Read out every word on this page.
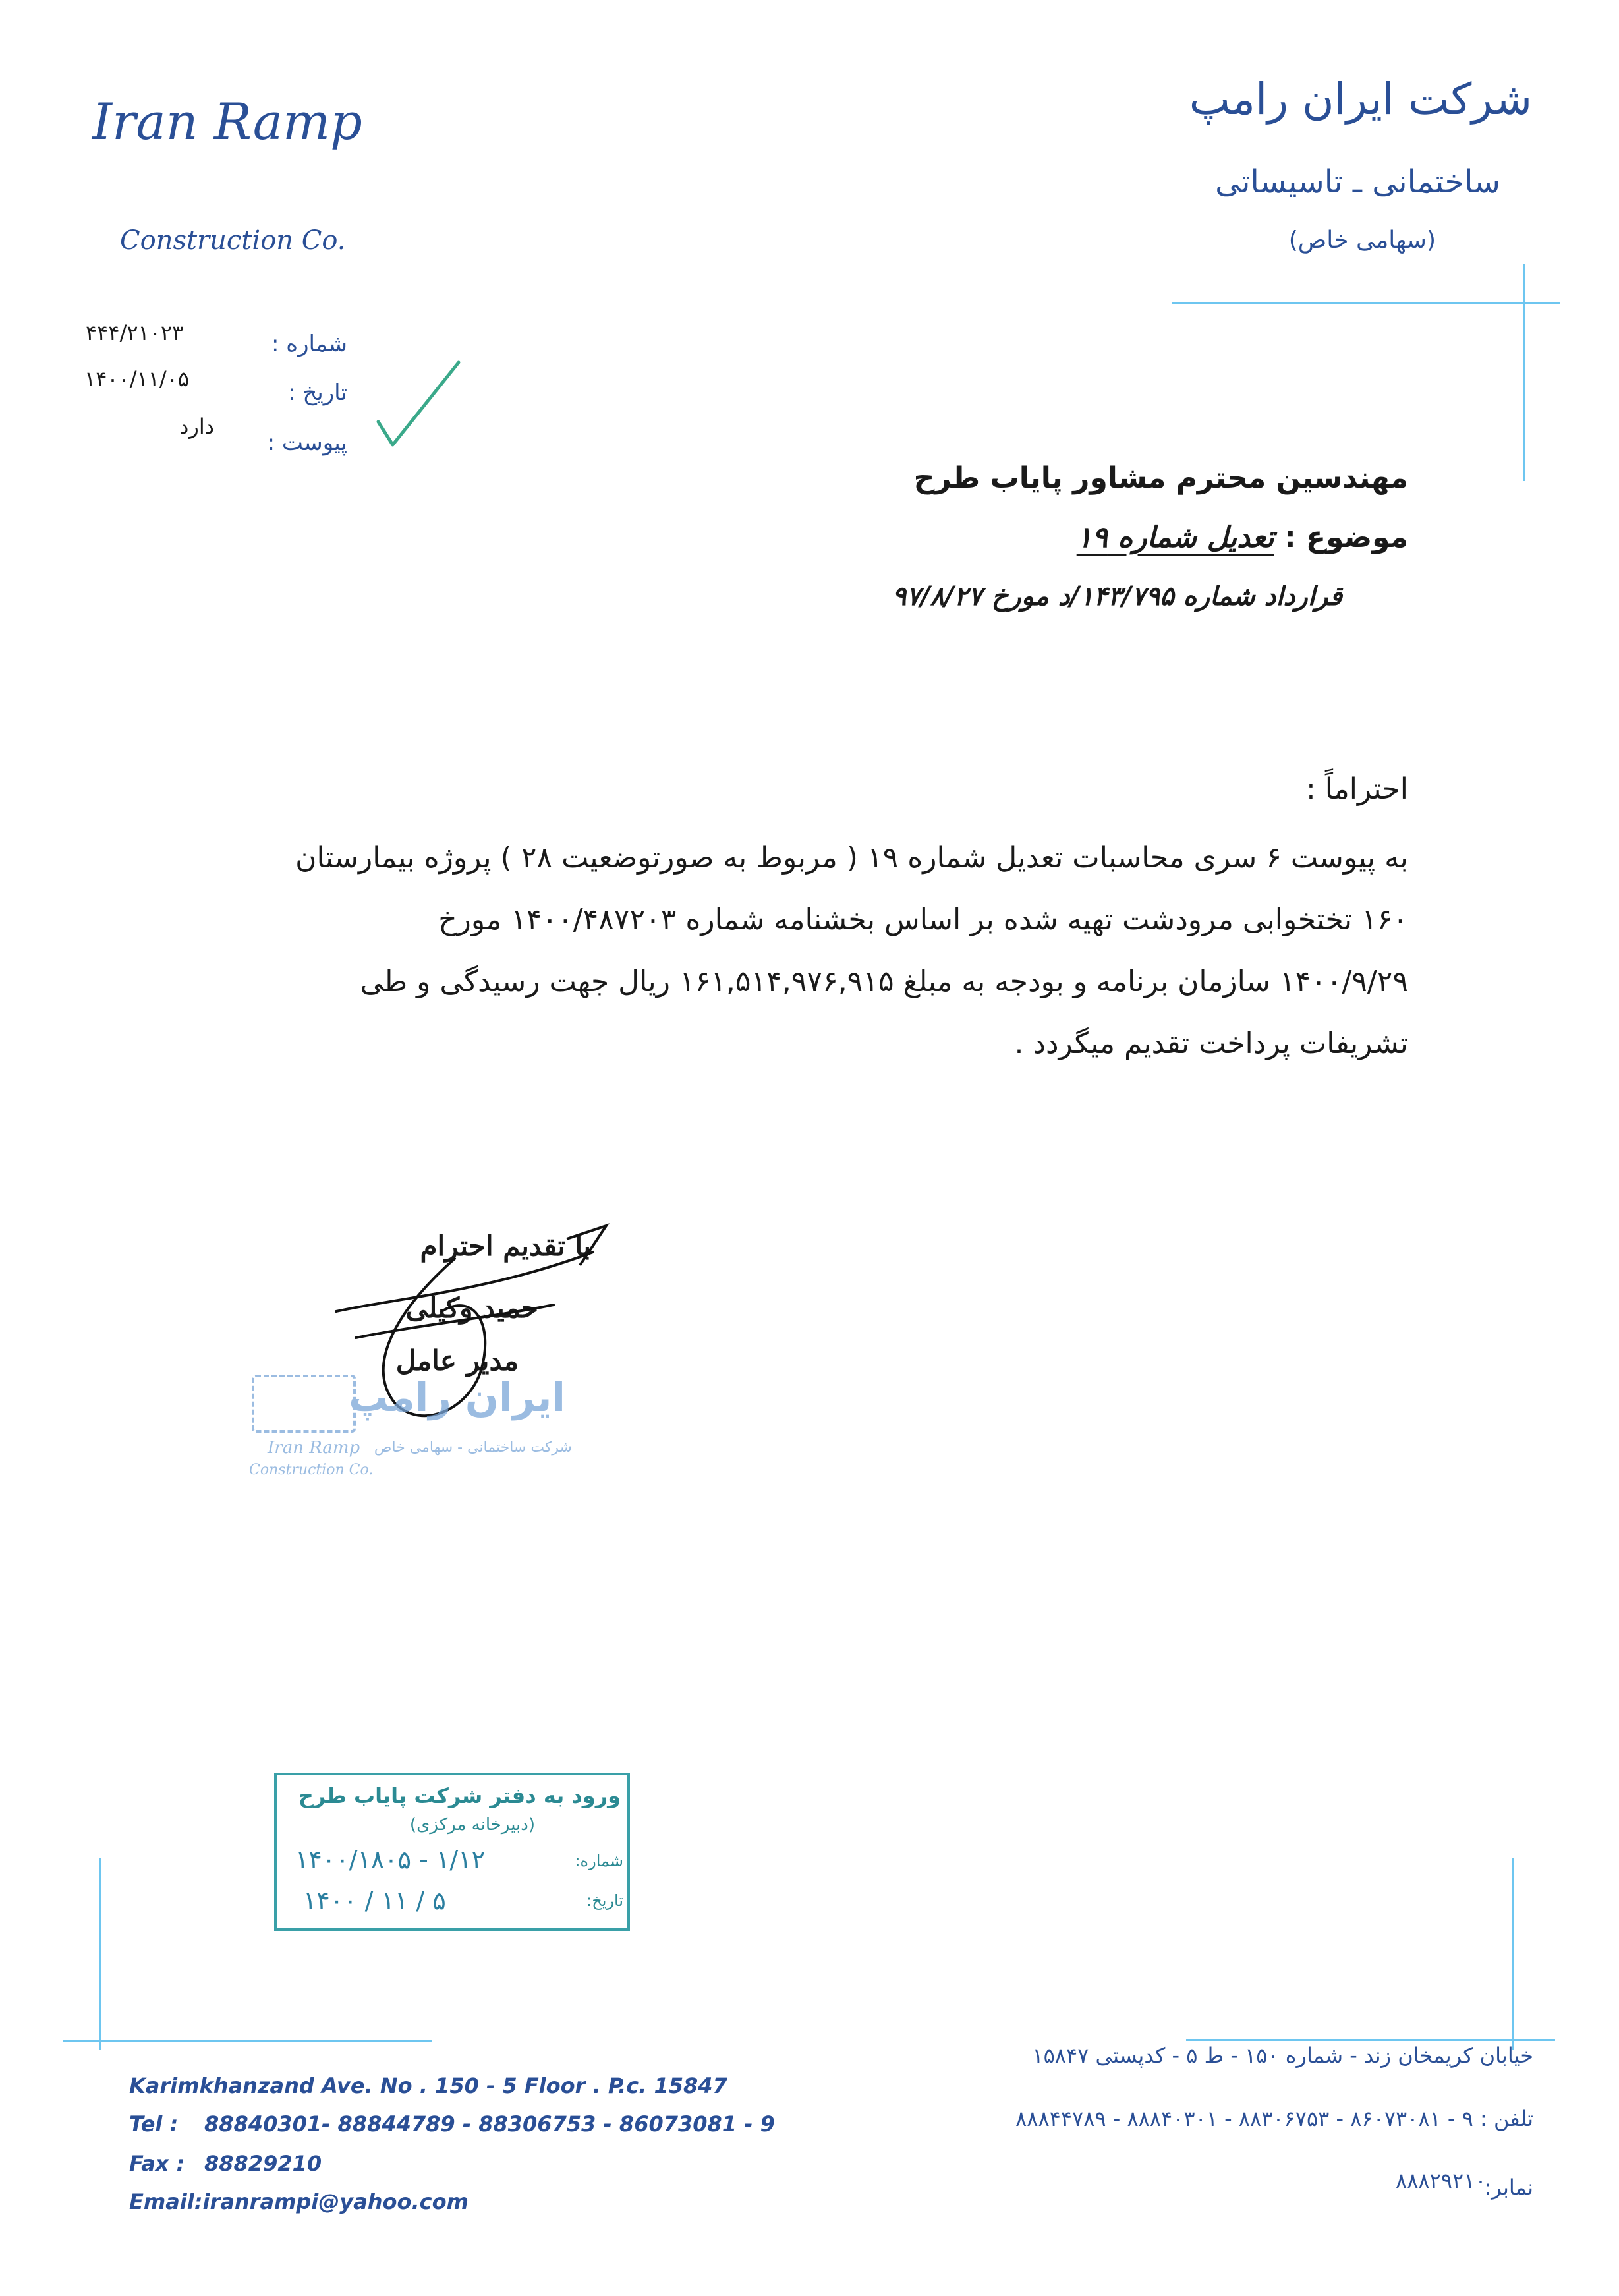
Iran Ramp
Construction Co.
شرکت ایران رامپ
ساختمانی ـ تاسیساتی
(سهامی خاص)
شماره :
۴۴۴/۲۱۰۲۳
تاریخ :
۱۴۰۰/۱۱/۰۵
پیوست :
دارد
مهندسین محترم مشاور پایاب طرح
موضوع : تعدیل شماره ۱۹
قرارداد شماره ۱۴۳/۷۹۵/د مورخ ۹۷/۸/۲۷
احتراماً :
به پیوست ۶ سری محاسبات تعدیل شماره ۱۹ ( مربوط به صورتوضعیت ۲۸ ) پروژه بیمارستان
۱۶۰ تختخوابی مرودشت تهیه شده بر اساس بخشنامه شماره ۱۴۰۰/۴۸۷۲۰۳ مورخ
۱۴۰۰/۹/۲۹ سازمان برنامه و بودجه به مبلغ ۱۶۱,۵۱۴,۹۷۶,۹۱۵ ریال جهت رسیدگی و طی
تشریفات پرداخت تقدیم میگردد .
با تقدیم احترام
حمید وکیلی
مدیر عامل
ایران رامپ
شرکت ساختمانی - سهامی خاص
Iran Ramp
Construction Co.
ورود به دفتر شرکت پایاب طرح
(دبیرخانه مرکزی)
شماره:
۱۴۰۰/۱۸۰۵ - ۱/۱۲
تاریخ:
۱۴۰۰ / ۱۱ / ۵
Karimkhanzand Ave. No . 150 - 5 Floor . P.c. 15847
Tel : 88840301- 88844789 - 88306753 - 86073081 - 9
Fax : 88829210
Email:iranrampi@yahoo.com
خیابان کریمخان زند - شماره ۱۵۰ - ط ۵ - کدپستی ۱۵۸۴۷
تلفن : ۹ - ۸۶۰۷۳۰۸۱ - ۸۸۳۰۶۷۵۳ - ۸۸۸۴۰۳۰۱ - ۸۸۸۴۴۷۸۹
نمابر:
۸۸۸۲۹۲۱۰
